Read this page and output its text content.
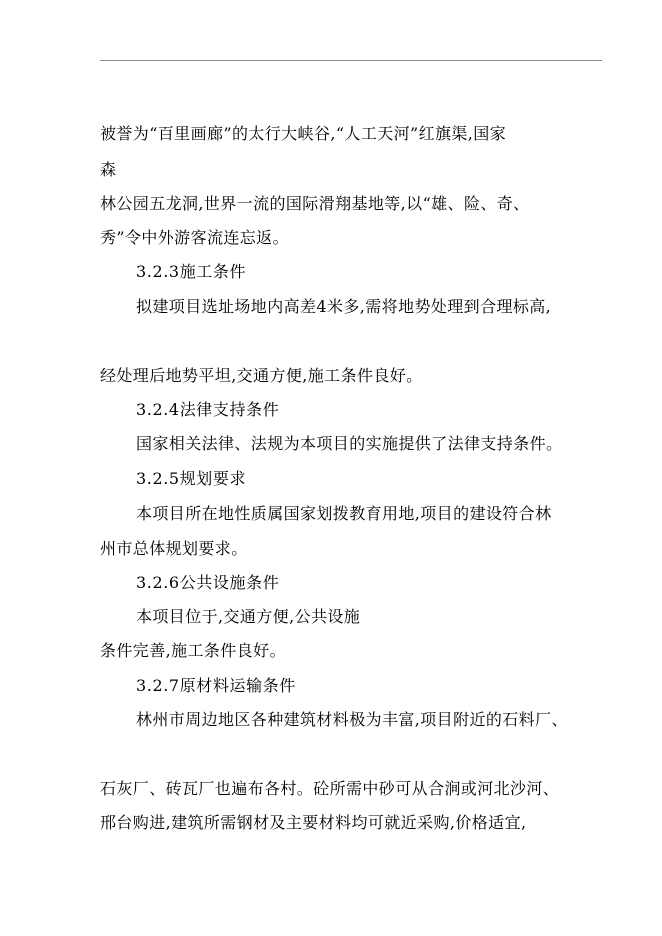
被誉为“百里画廊”的太行大峡谷,“人工天河”红旗渠,国家
森
林公园五龙洞,世界一流的国际滑翔基地等,以“雄、险、奇、
秀”令中外游客流连忘返。
3.2.3施工条件
拟建项目选址场地内高差4米多,需将地势处理到合理标高,
经处理后地势平坦,交通方便,施工条件良好。
3.2.4法律支持条件
国家相关法律、法规为本项目的实施提供了法律支持条件。
3.2.5规划要求
本项目所在地性质属国家划拨教育用地,项目的建设符合林
州市总体规划要求。
3.2.6公共设施条件
本项目位于,交通方便,公共设施
条件完善,施工条件良好。
3.2.7原材料运输条件
林州市周边地区各种建筑材料极为丰富,项目附近的石料厂、
石灰厂、砖瓦厂也遍布各村。砼所需中砂可从合涧或河北沙河、
邢台购进,建筑所需钢材及主要材料均可就近采购,价格适宜,
